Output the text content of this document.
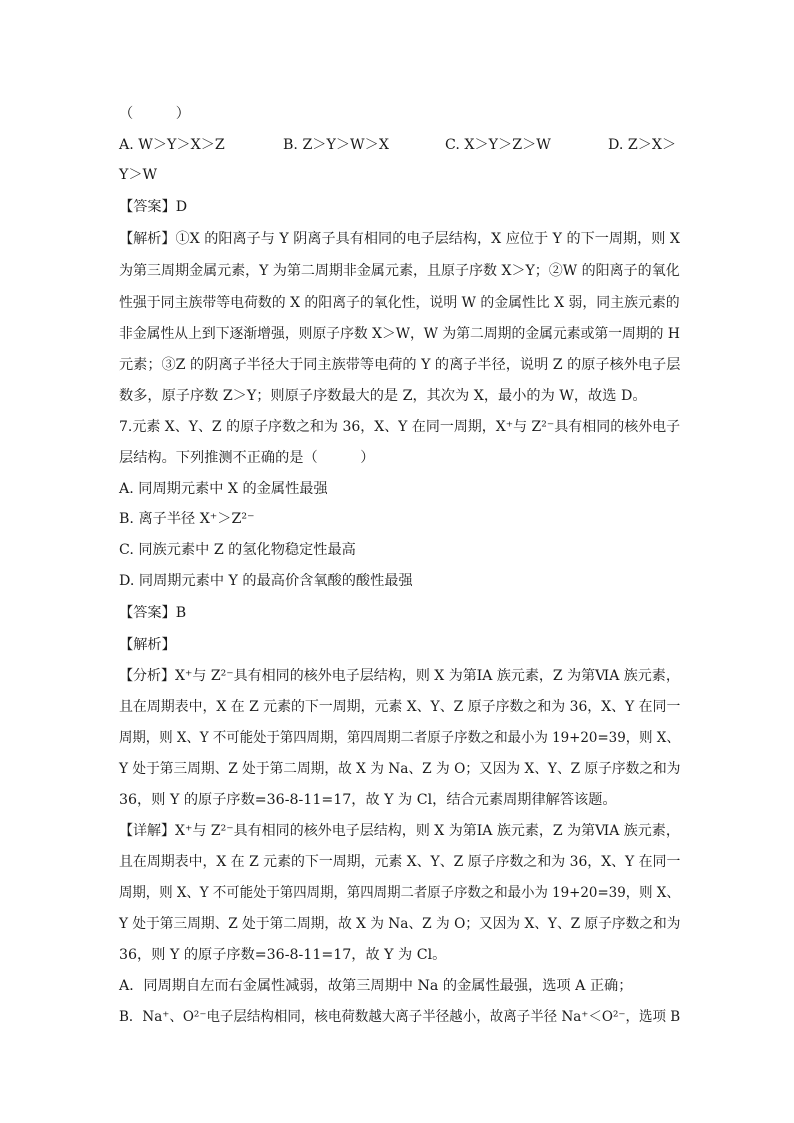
（　　　）
A. W＞Y＞X＞Z	B. Z＞Y＞W＞X	C. X＞Y＞Z＞W	D. Z＞X＞
Y＞W
【答案】D
【解析】①X 的阳离子与 Y 阴离子具有相同的电子层结构，X 应位于 Y 的下一周期，则 X
为第三周期金属元素，Y 为第二周期非金属元素，且原子序数 X＞Y；②W 的阳离子的氧化
性强于同主族带等电荷数的 X 的阳离子的氧化性，说明 W 的金属性比 X 弱，同主族元素的
非金属性从上到下逐渐增强，则原子序数 X＞W，W 为第二周期的金属元素或第一周期的 H
元素；③Z 的阴离子半径大于同主族带等电荷的 Y 的离子半径，说明 Z 的原子核外电子层
数多，原子序数 Z＞Y；则原子序数最大的是 Z，其次为 X，最小的为 W，故选 D。
7.元素 X、Y、Z 的原子序数之和为 36，X、Y 在同一周期，X⁺与 Z²⁻具有相同的核外电子
层结构。下列推测不正确的是（　　　）
A. 同周期元素中 X 的金属性最强
B. 离子半径 X⁺＞Z²⁻
C. 同族元素中 Z 的氢化物稳定性最高
D. 同周期元素中 Y 的最高价含氧酸的酸性最强
【答案】B
【解析】
【分析】X⁺与 Z²⁻具有相同的核外电子层结构，则 X 为第ⅠA 族元素，Z 为第ⅥA 族元素，
且在周期表中，X 在 Z 元素的下一周期，元素 X、Y、Z 原子序数之和为 36，X、Y 在同一
周期，则 X、Y 不可能处于第四周期，第四周期二者原子序数之和最小为 19+20=39，则 X、
Y 处于第三周期、Z 处于第二周期，故 X 为 Na、Z 为 O；又因为 X、Y、Z 原子序数之和为
36，则 Y 的原子序数=36-8-11=17，故 Y 为 Cl，结合元素周期律解答该题。
【详解】X⁺与 Z²⁻具有相同的核外电子层结构，则 X 为第ⅠA 族元素，Z 为第ⅥA 族元素，
且在周期表中，X 在 Z 元素的下一周期，元素 X、Y、Z 原子序数之和为 36，X、Y 在同一
周期，则 X、Y 不可能处于第四周期，第四周期二者原子序数之和最小为 19+20=39，则 X、
Y 处于第三周期、Z 处于第二周期，故 X 为 Na、Z 为 O；又因为 X、Y、Z 原子序数之和为
36，则 Y 的原子序数=36-8-11=17，故 Y 为 Cl。
A．同周期自左而右金属性减弱，故第三周期中 Na 的金属性最强，选项 A 正确；
B．Na⁺、O²⁻电子层结构相同，核电荷数越大离子半径越小，故离子半径 Na⁺＜O²⁻，选项 B
